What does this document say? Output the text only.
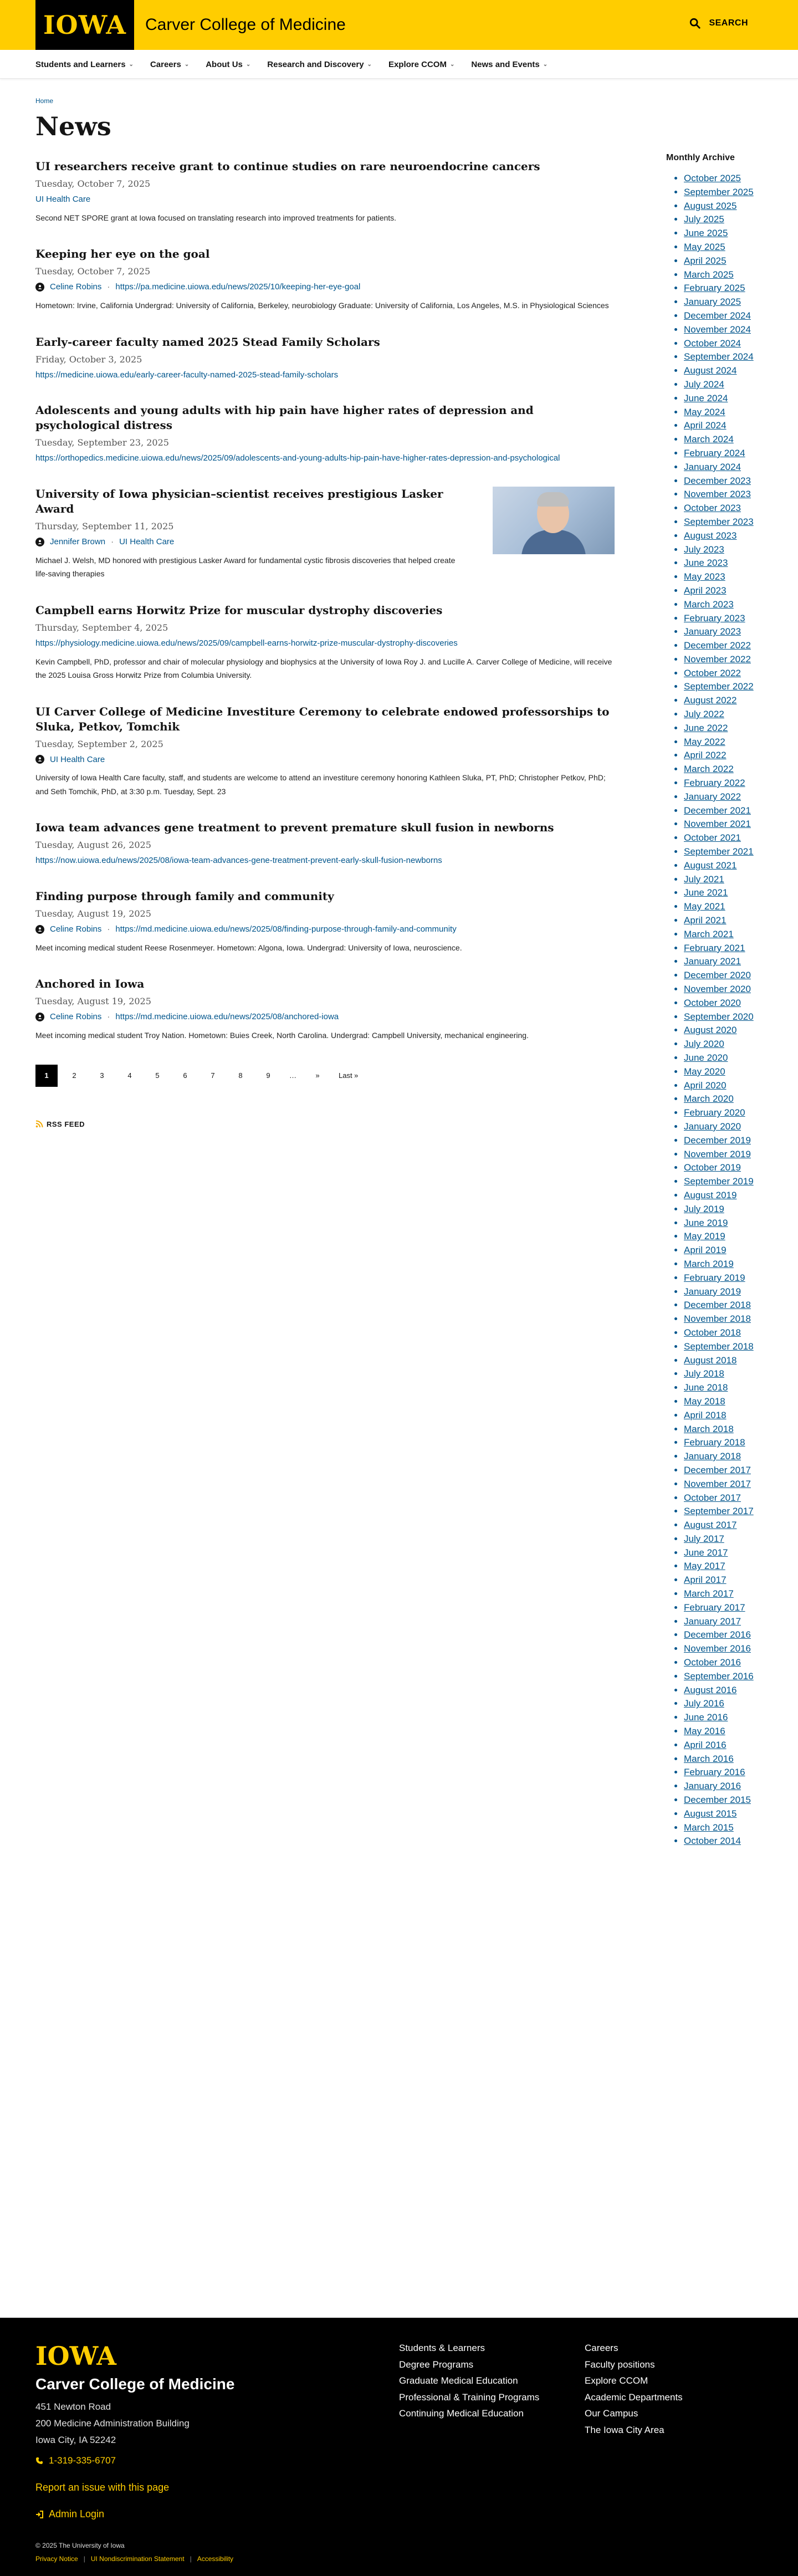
IOWA Carver College of Medicine	SEARCH
Students and Learners ⌄ Careers ⌄ About Us ⌄ Research and Discovery ⌄ Explore CCOM ⌄ News and Events ⌄
Home
News
UI researchers receive grant to continue studies on rare neuroendocrine cancers
Tuesday, October 7, 2025
UI Health Care
Second NET SPORE grant at Iowa focused on translating research into improved treatments for patients.
Keeping her eye on the goal
Tuesday, October 7, 2025
Celine Robins · https://pa.medicine.uiowa.edu/news/2025/10/keeping-her-eye-goal
Hometown: Irvine, California Undergrad: University of California, Berkeley, neurobiology Graduate: University of California, Los Angeles, M.S. in Physiological Sciences
Early-career faculty named 2025 Stead Family Scholars
Friday, October 3, 2025
https://medicine.uiowa.edu/early-career-faculty-named-2025-stead-family-scholars
Adolescents and young adults with hip pain have higher rates of depression and psychological distress
Tuesday, September 23, 2025
https://orthopedics.medicine.uiowa.edu/news/2025/09/adolescents-and-young-adults-hip-pain-have-higher-rates-depression-and-psychological
University of Iowa physician–scientist receives prestigious Lasker Award
Thursday, September 11, 2025
Jennifer Brown · UI Health Care
Michael J. Welsh, MD honored with prestigious Lasker Award for fundamental cystic fibrosis discoveries that helped create life-saving therapies
Campbell earns Horwitz Prize for muscular dystrophy discoveries
Thursday, September 4, 2025
https://physiology.medicine.uiowa.edu/news/2025/09/campbell-earns-horwitz-prize-muscular-dystrophy-discoveries
Kevin Campbell, PhD, professor and chair of molecular physiology and biophysics at the University of Iowa Roy J. and Lucille A. Carver College of Medicine, will receive the 2025 Louisa Gross Horwitz Prize from Columbia University.
UI Carver College of Medicine Investiture Ceremony to celebrate endowed professorships to Sluka, Petkov, Tomchik
Tuesday, September 2, 2025
UI Health Care
University of Iowa Health Care faculty, staff, and students are welcome to attend an investiture ceremony honoring Kathleen Sluka, PT, PhD; Christopher Petkov, PhD; and Seth Tomchik, PhD, at 3:30 p.m. Tuesday, Sept. 23
Iowa team advances gene treatment to prevent premature skull fusion in newborns
Tuesday, August 26, 2025
https://now.uiowa.edu/news/2025/08/iowa-team-advances-gene-treatment-prevent-early-skull-fusion-newborns
Finding purpose through family and community
Tuesday, August 19, 2025
Celine Robins · https://md.medicine.uiowa.edu/news/2025/08/finding-purpose-through-family-and-community
Meet incoming medical student Reese Rosenmeyer. Hometown: Algona, Iowa. Undergrad: University of Iowa, neuroscience.
Anchored in Iowa
Tuesday, August 19, 2025
Celine Robins · https://md.medicine.uiowa.edu/news/2025/08/anchored-iowa
Meet incoming medical student Troy Nation. Hometown: Buies Creek, North Carolina. Undergrad: Campbell University, mechanical engineering.
1	2	3	4	5	6	7	8	9	…	»	Last »
RSS FEED
Monthly Archive
• October 2025
• September 2025
• August 2025
• July 2025
• June 2025
• May 2025
• April 2025
• March 2025
• February 2025
• January 2025
• December 2024
• November 2024
• October 2024
• September 2024
• August 2024
• July 2024
• June 2024
• May 2024
• April 2024
• March 2024
• February 2024
• January 2024
• December 2023
• November 2023
• October 2023
• September 2023
• August 2023
• July 2023
• June 2023
• May 2023
• April 2023
• March 2023
• February 2023
• January 2023
• December 2022
• November 2022
• October 2022
• September 2022
• August 2022
• July 2022
• June 2022
• May 2022
• April 2022
• March 2022
• February 2022
• January 2022
• December 2021
• November 2021
• October 2021
• September 2021
• August 2021
• July 2021
• June 2021
• May 2021
• April 2021
• March 2021
• February 2021
• January 2021
• December 2020
• November 2020
• October 2020
• September 2020
• August 2020
• July 2020
• June 2020
• May 2020
• April 2020
• March 2020
• February 2020
• January 2020
• December 2019
• November 2019
• October 2019
• September 2019
• August 2019
• July 2019
• June 2019
• May 2019
• April 2019
• March 2019
• February 2019
• January 2019
• December 2018
• November 2018
• October 2018
• September 2018
• August 2018
• July 2018
• June 2018
• May 2018
• April 2018
• March 2018
• February 2018
• January 2018
• December 2017
• November 2017
• October 2017
• September 2017
• August 2017
• July 2017
• June 2017
• May 2017
• April 2017
• March 2017
• February 2017
• January 2017
• December 2016
• November 2016
• October 2016
• September 2016
• August 2016
• July 2016
• June 2016
• May 2016
• April 2016
• March 2016
• February 2016
• January 2016
• December 2015
• August 2015
• March 2015
• October 2014
IOWA
Carver College of Medicine
451 Newton Road
200 Medicine Administration Building
Iowa City, IA 52242
1-319-335-6707
Report an issue with this page
Admin Login
Students & Learners
Degree Programs
Graduate Medical Education
Professional & Training Programs
Continuing Medical Education
Careers
Faculty positions
Explore CCOM
Academic Departments
Our Campus
The Iowa City Area
© 2025 The University of Iowa
Privacy Notice | UI Nondiscrimination Statement | Accessibility
